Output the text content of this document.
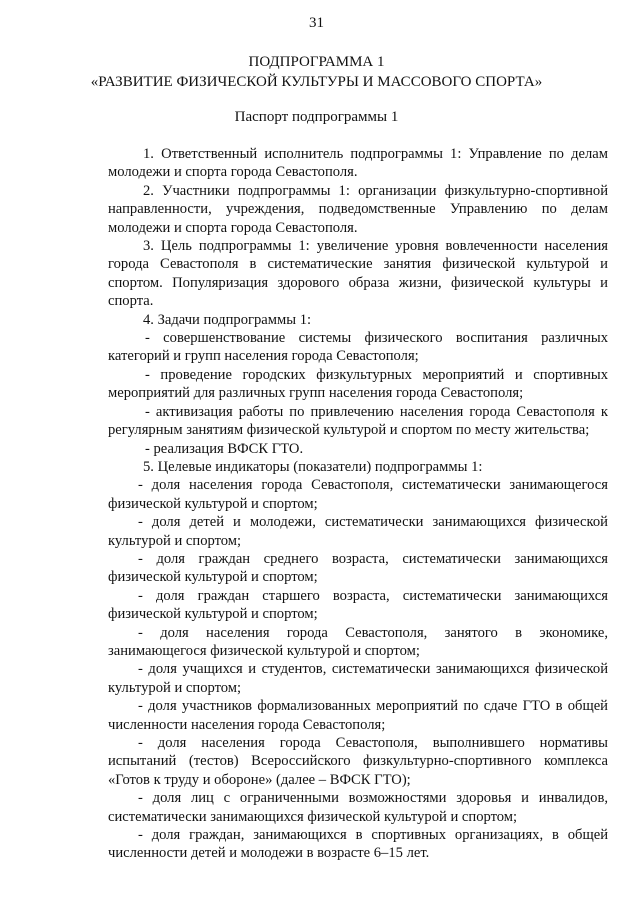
31
ПОДПРОГРАММА 1
«РАЗВИТИЕ ФИЗИЧЕСКОЙ КУЛЬТУРЫ И МАССОВОГО СПОРТА»
Паспорт подпрограммы 1

1. Ответственный исполнитель подпрограммы 1: Управление по делам молодежи и спорта города Севастополя.

2. Участники подпрограммы 1: организации физкультурно-спортивной направленности, учреждения, подведомственные Управлению по делам молодежи и спорта города Севастополя.

3. Цель подпрограммы 1: увеличение уровня вовлеченности населения города Севастополя в систематические занятия физической культурой и спортом. Популяризация здорового образа жизни, физической культуры и спорта.

4. Задачи подпрограммы 1:

- совершенствование системы физического воспитания различных категорий и групп населения города Севастополя;

- проведение городских физкультурных мероприятий и спортивных мероприятий для различных групп населения города Севастополя;

- активизация работы по привлечению населения города Севастополя к регулярным занятиям физической культурой и спортом по месту жительства;

- реализация ВФСК ГТО.

5. Целевые индикаторы (показатели) подпрограммы 1:

- доля населения города Севастополя, систематически занимающегося физической культурой и спортом;

- доля детей и молодежи, систематически занимающихся физической культурой и спортом;

- доля граждан среднего возраста, систематически занимающихся физической культурой и спортом;

- доля граждан старшего возраста, систематически занимающихся физической культурой и спортом;

- доля населения города Севастополя, занятого в экономике, занимающегося физической культурой и спортом;

- доля учащихся и студентов, систематически занимающихся физической культурой и спортом;

- доля участников формализованных мероприятий по сдаче ГТО в общей численности населения города Севастополя;

- доля населения города Севастополя, выполнившего нормативы испытаний (тестов) Всероссийского физкультурно-спортивного комплекса «Готов к труду и обороне» (далее – ВФСК ГТО);

- доля лиц с ограниченными возможностями здоровья и инвалидов, систематически занимающихся физической культурой и спортом;

- доля граждан, занимающихся в спортивных организациях, в общей численности детей и молодежи в возрасте 6–15 лет.
